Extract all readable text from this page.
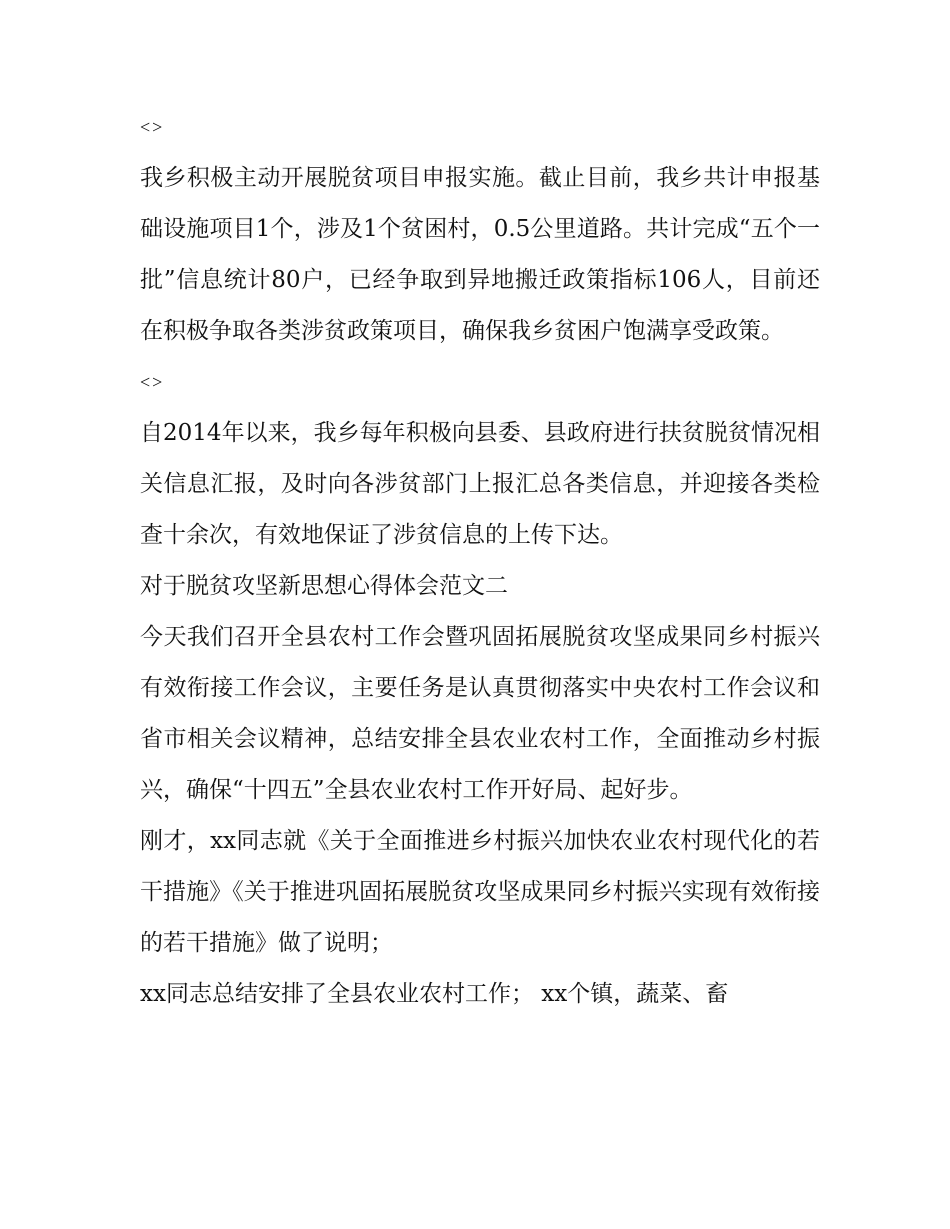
<>

我乡积极主动开展脱贫项目申报实施。截止目前，我乡共计申报基础设施项目1个，涉及1个贫困村，0.5公里道路。共计完成“五个一批”信息统计80户，已经争取到异地搬迁政策指标106人，目前还在积极争取各类涉贫政策项目，确保我乡贫困户饱满享受政策。

<>

自2014年以来，我乡每年积极向县委、县政府进行扶贫脱贫情况相关信息汇报，及时向各涉贫部门上报汇总各类信息，并迎接各类检查十余次，有效地保证了涉贫信息的上传下达。

对于脱贫攻坚新思想心得体会范文二

今天我们召开全县农村工作会暨巩固拓展脱贫攻坚成果同乡村振兴有效衔接工作会议，主要任务是认真贯彻落实中央农村工作会议和省市相关会议精神，总结安排全县农业农村工作，全面推动乡村振兴，确保“十四五”全县农业农村工作开好局、起好步。

刚才，xx同志就《关于全面推进乡村振兴加快农业农村现代化的若干措施》《关于推进巩固拓展脱贫攻坚成果同乡村振兴实现有效衔接的若干措施》做了说明；

xx同志总结安排了全县农业农村工作； xx个镇，蔬菜、畜
